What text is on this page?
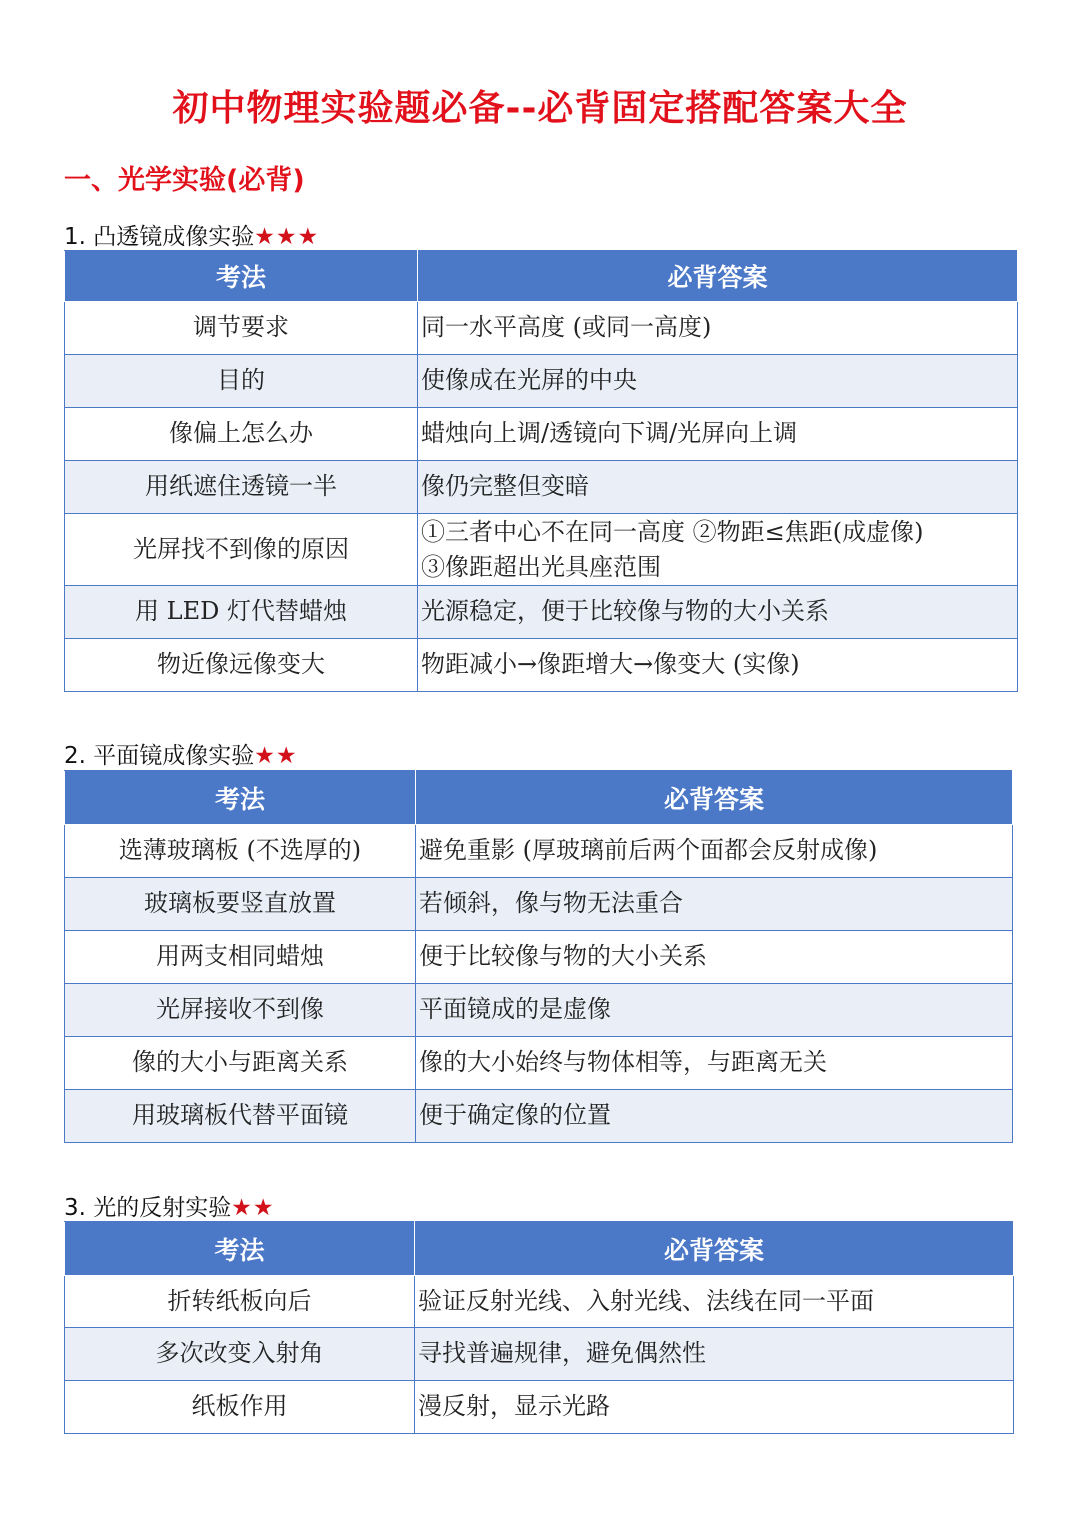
初中物理实验题必备--必背固定搭配答案大全
一、光学实验(必背)
1. 凸透镜成像实验★★★
考法	必背答案
调节要求	同一水平高度 (或同一高度)
目的	使像成在光屏的中央
像偏上怎么办	蜡烛向上调/透镜向下调/光屏向上调
用纸遮住透镜一半	像仍完整但变暗
光屏找不到像的原因	①三者中心不在同一高度 ②物距≤焦距(成虚像)
③像距超出光具座范围

用 LED 灯代替蜡烛	光源稳定，便于比较像与物的大小关系
物近像远像变大	物距减小→像距增大→像变大 (实像)
2. 平面镜成像实验★★
考法	必背答案
选薄玻璃板 (不选厚的)	避免重影 (厚玻璃前后两个面都会反射成像)
玻璃板要竖直放置	若倾斜，像与物无法重合
用两支相同蜡烛	便于比较像与物的大小关系
光屏接收不到像	平面镜成的是虚像
像的大小与距离关系	像的大小始终与物体相等，与距离无关
用玻璃板代替平面镜	便于确定像的位置
3. 光的反射实验★★
考法	必背答案
折转纸板向后	验证反射光线、入射光线、法线在同一平面
多次改变入射角	寻找普遍规律，避免偶然性
纸板作用	漫反射，显示光路
